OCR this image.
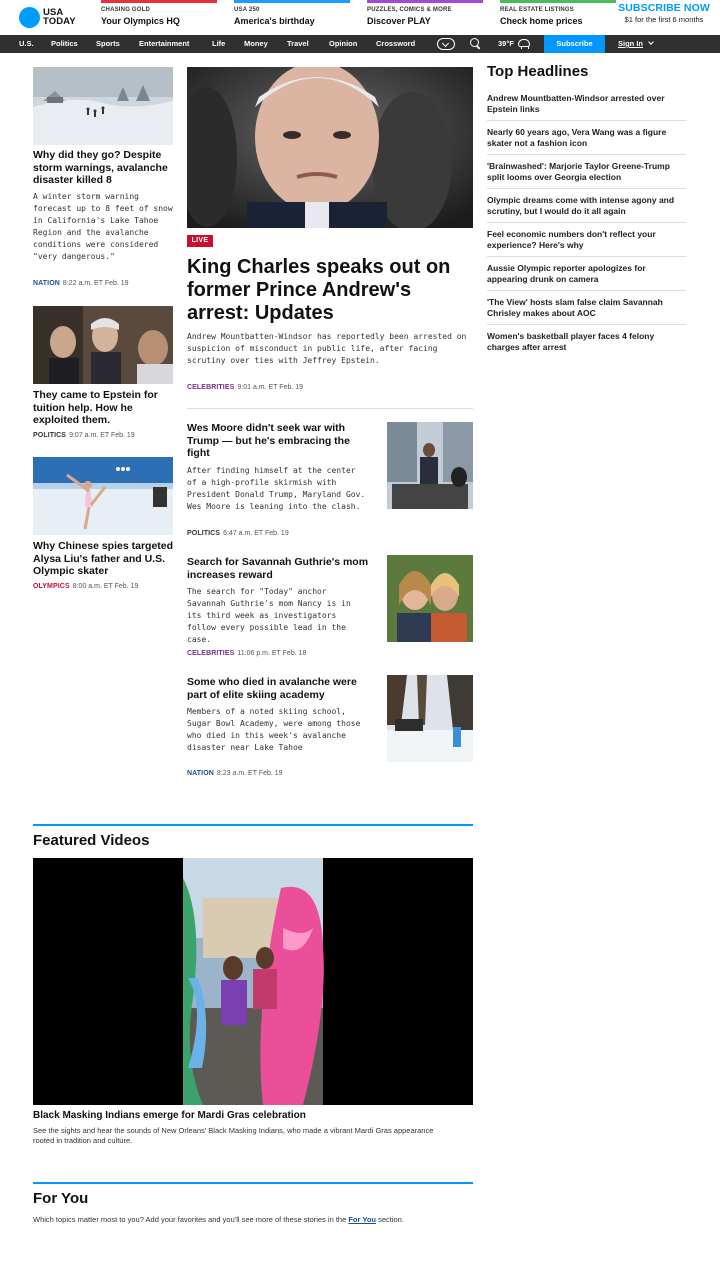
USA
TODAY
CHASING GOLD
Your Olympics HQ
USA 250
America's birthday
PUZZLES, COMICS & MORE
Discover PLAY
REAL ESTATE LISTINGS
Check home prices
SUBSCRIBE NOW
$1 for the first 6 months
U.S. Politics Sports	Entertainment	Life Money	Travel	Opinion Crossword	39°F	Subscribe	Sign In
Why did they go? Despite storm warnings, avalanche disaster killed 8
A winter storm warning forecast up to 8 feet of snow in California's Lake Tahoe Region and the avalanche conditions were considered "very dangerous."
NATION 8:22 a.m. ET Feb. 19
They came to Epstein for tuition help. How he exploited them.
POLITICS 9:07 a.m. ET Feb. 19
Why Chinese spies targeted Alysa Liu's father and U.S. Olympic skater
OLYMPICS 8:00 a.m. ET Feb. 19
LIVE
King Charles speaks out on former Prince Andrew's arrest: Updates
Andrew Mountbatten-Windsor has reportedly been arrested on suspicion of misconduct in public life, after facing scrutiny over ties with Jeffrey Epstein.
CELEBRITIES 9:01 a.m. ET Feb. 19
Wes Moore didn't seek war with Trump — but he's embracing the fight
After finding himself at the center of a high-profile skirmish with President Donald Trump, Maryland Gov. Wes Moore is leaning into the clash.
POLITICS 6:47 a.m. ET Feb. 19
Search for Savannah Guthrie's mom increases reward
The search for "Today" anchor Savannah Guthrie's mom Nancy is in its third week as investigators follow every possible lead in the case.
CELEBRITIES 11:06 p.m. ET Feb. 18
Some who died in avalanche were part of elite skiing academy
Members of a noted skiing school, Sugar Bowl Academy, were among those who died in this week's avalanche disaster near Lake Tahoe
NATION 8:23 a.m. ET Feb. 19
Top Headlines
Andrew Mountbatten-Windsor arrested over Epstein links
Nearly 60 years ago, Vera Wang was a figure skater not a fashion icon
'Brainwashed': Marjorie Taylor Greene-Trump split looms over Georgia election
Olympic dreams come with intense agony and scrutiny, but I would do it all again
Feel economic numbers don't reflect your experience? Here's why
Aussie Olympic reporter apologizes for appearing drunk on camera
'The View' hosts slam false claim Savannah Chrisley makes about AOC
Women's basketball player faces 4 felony charges after arrest
Featured Videos
Black Masking Indians emerge for Mardi Gras celebration
See the sights and hear the sounds of New Orleans' Black Masking Indians, who made a vibrant Mardi Gras appearance rooted in tradition and culture.
For You
Which topics matter most to you? Add your favorites and you'll see more of these stories in the For You section.
